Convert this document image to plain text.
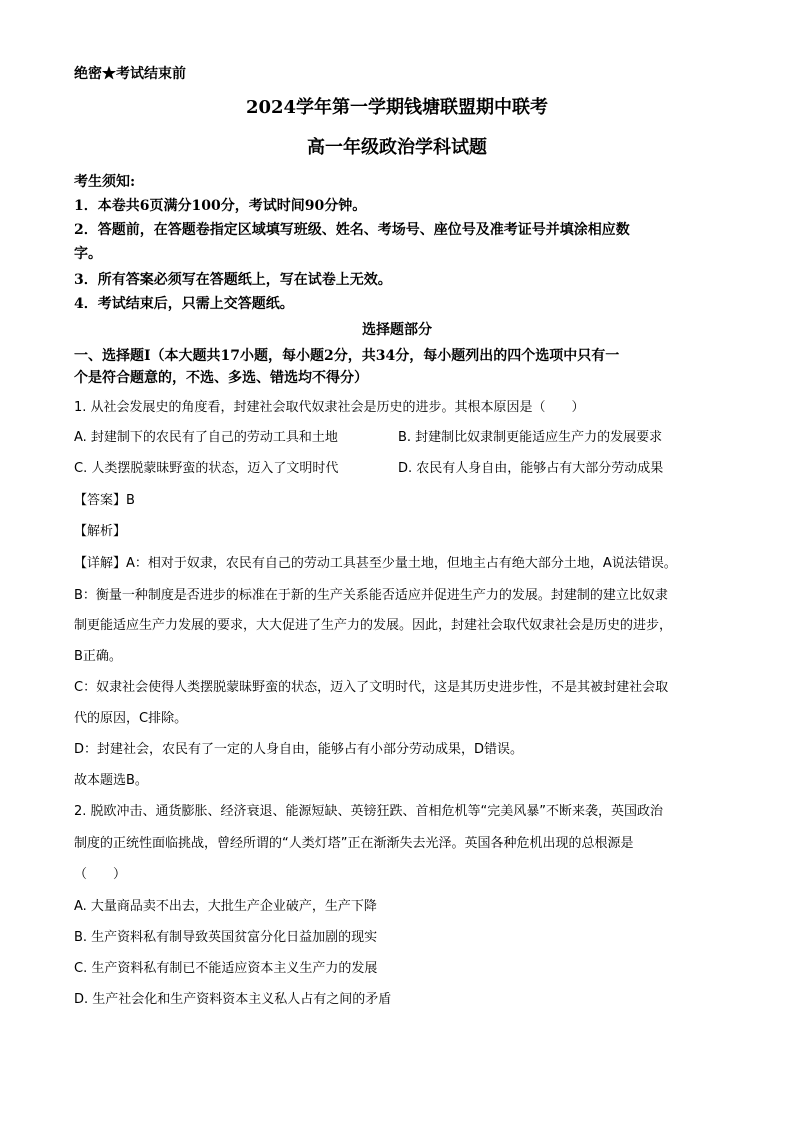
绝密★考试结束前
2024学年第一学期钱塘联盟期中联考
高一年级政治学科试题
考生须知:
1．本卷共6页满分100分，考试时间90分钟。
2．答题前，在答题卷指定区域填写班级、姓名、考场号、座位号及准考证号并填涂相应数
字。
3．所有答案必须写在答题纸上，写在试卷上无效。
4．考试结束后，只需上交答题纸。
选择题部分
一、选择题Ⅰ（本大题共17小题，每小题2分，共34分，每小题列出的四个选项中只有一
个是符合题意的，不选、多选、错选均不得分）
1. 从社会发展史的角度看，封建社会取代奴隶社会是历史的进步。其根本原因是（　　）
A. 封建制下的农民有了自己的劳动工具和土地	B. 封建制比奴隶制更能适应生产力的发展要求
C. 人类摆脱蒙昧野蛮的状态，迈入了文明时代	D. 农民有人身自由，能够占有大部分劳动成果
【答案】B
【解析】
【详解】A：相对于奴隶，农民有自己的劳动工具甚至少量土地，但地主占有绝大部分土地，A说法错误。
B：衡量一种制度是否进步的标准在于新的生产关系能否适应并促进生产力的发展。封建制的建立比奴隶
制更能适应生产力发展的要求，大大促进了生产力的发展。因此，封建社会取代奴隶社会是历史的进步，
B正确。
C：奴隶社会使得人类摆脱蒙昧野蛮的状态，迈入了文明时代，这是其历史进步性，不是其被封建社会取
代的原因，C排除。
D：封建社会，农民有了一定的人身自由，能够占有小部分劳动成果，D错误。
故本题选B。
2. 脱欧冲击、通货膨胀、经济衰退、能源短缺、英镑狂跌、首相危机等“完美风暴”不断来袭，英国政治
制度的正统性面临挑战，曾经所谓的“人类灯塔”正在渐渐失去光泽。英国各种危机出现的总根源是
（　　）
A. 大量商品卖不出去，大批生产企业破产，生产下降
B. 生产资料私有制导致英国贫富分化日益加剧的现实
C. 生产资料私有制已不能适应资本主义生产力的发展
D. 生产社会化和生产资料资本主义私人占有之间的矛盾
